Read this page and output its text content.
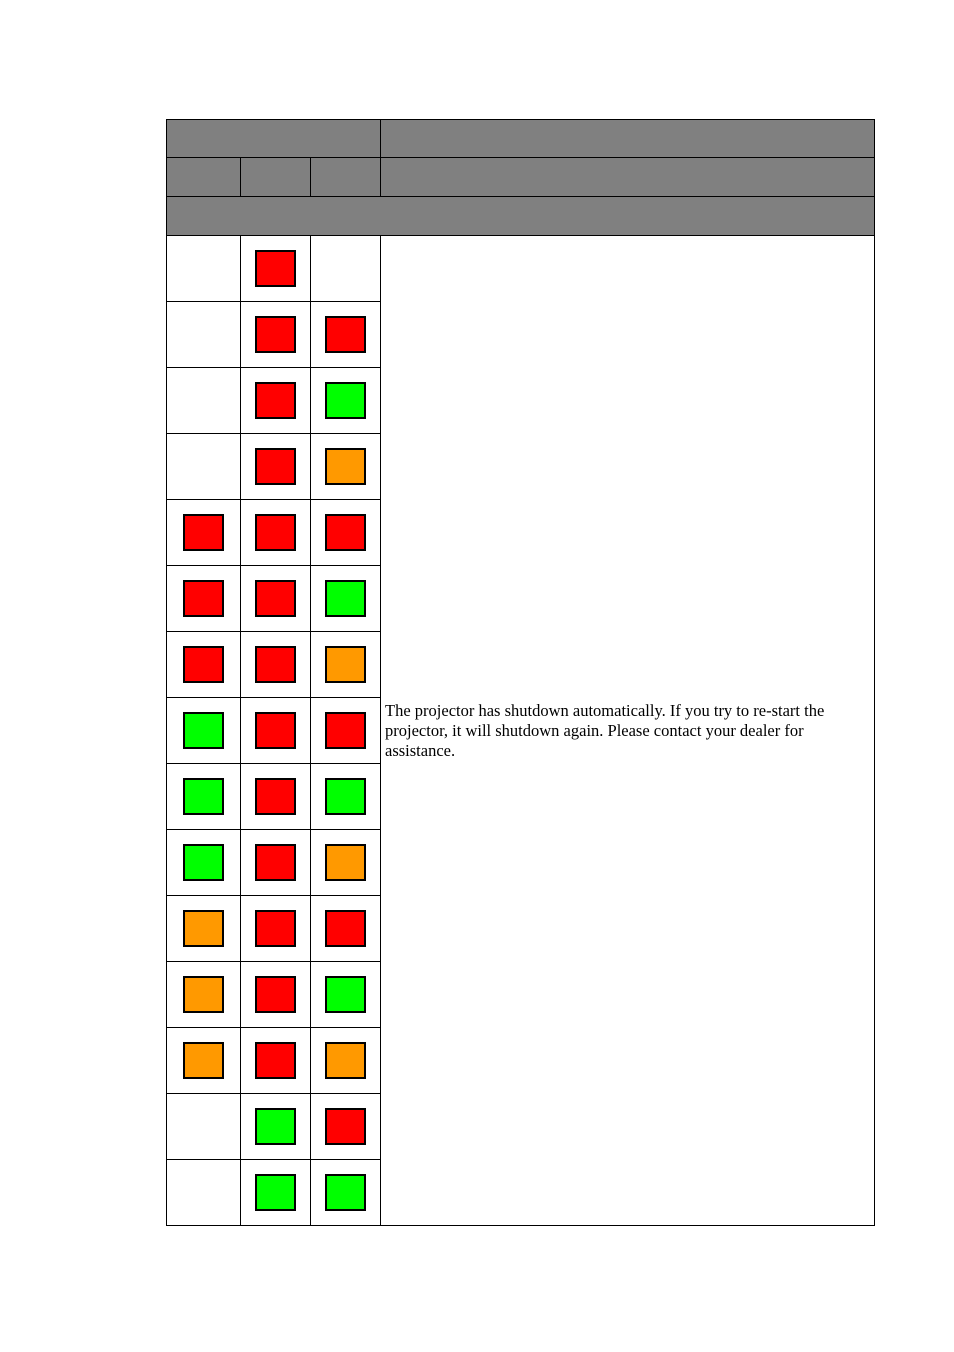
			The projector has shutdown automatically. If you try to re-start the projector, it will shutdown again. Please contact your dealer for assistance.
